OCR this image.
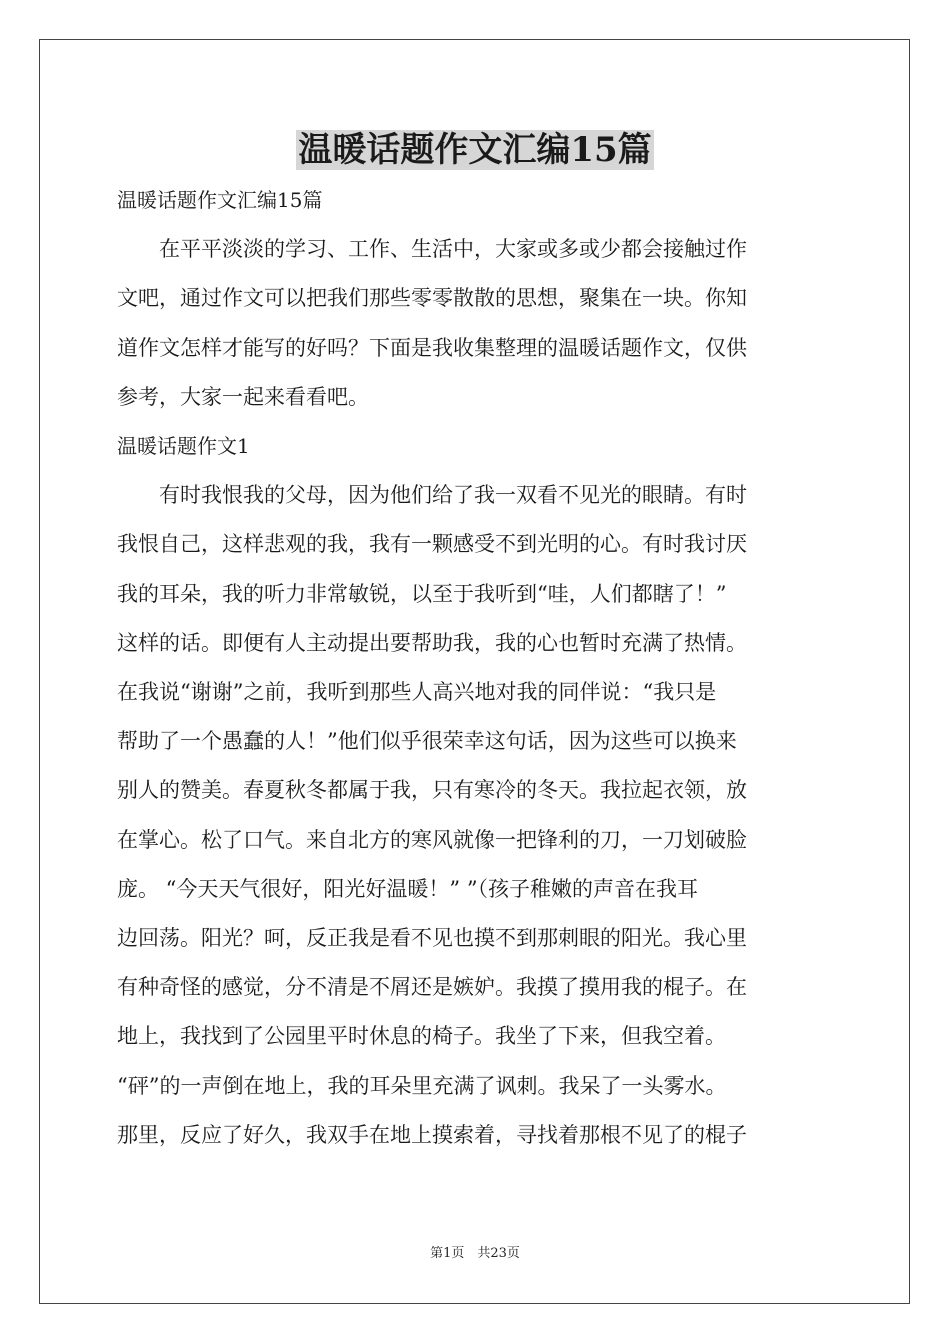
温暖话题作文汇编15篇

温暖话题作文汇编15篇

　　在平平淡淡的学习、工作、生活中，大家或多或少都会接触过作

文吧，通过作文可以把我们那些零零散散的思想，聚集在一块。你知

道作文怎样才能写的好吗？下面是我收集整理的温暖话题作文，仅供

参考，大家一起来看看吧。

温暖话题作文1

　　有时我恨我的父母，因为他们给了我一双看不见光的眼睛。有时

我恨自己，这样悲观的我，我有一颗感受不到光明的心。有时我讨厌

我的耳朵，我的听力非常敏锐，以至于我听到“哇，人们都瞎了！”

这样的话。即便有人主动提出要帮助我，我的心也暂时充满了热情。

在我说“谢谢”之前，我听到那些人高兴地对我的同伴说：“我只是

帮助了一个愚蠢的人！”他们似乎很荣幸这句话，因为这些可以换来

别人的赞美。春夏秋冬都属于我，只有寒冷的冬天。我拉起衣领，放

在掌心。松了口气。来自北方的寒风就像一把锋利的刀，一刀划破脸

庞。 “今天天气很好，阳光好温暖！” ”（孩子稚嫩的声音在我耳

边回荡。阳光？呵，反正我是看不见也摸不到那刺眼的阳光。我心里

有种奇怪的感觉，分不清是不屑还是嫉妒。我摸了摸用我的棍子。在

地上，我找到了公园里平时休息的椅子。我坐了下来，但我空着。

“砰”的一声倒在地上，我的耳朵里充满了讽刺。我呆了一头雾水。

那里，反应了好久，我双手在地上摸索着，寻找着那根不见了的棍子

第1页　共23页
